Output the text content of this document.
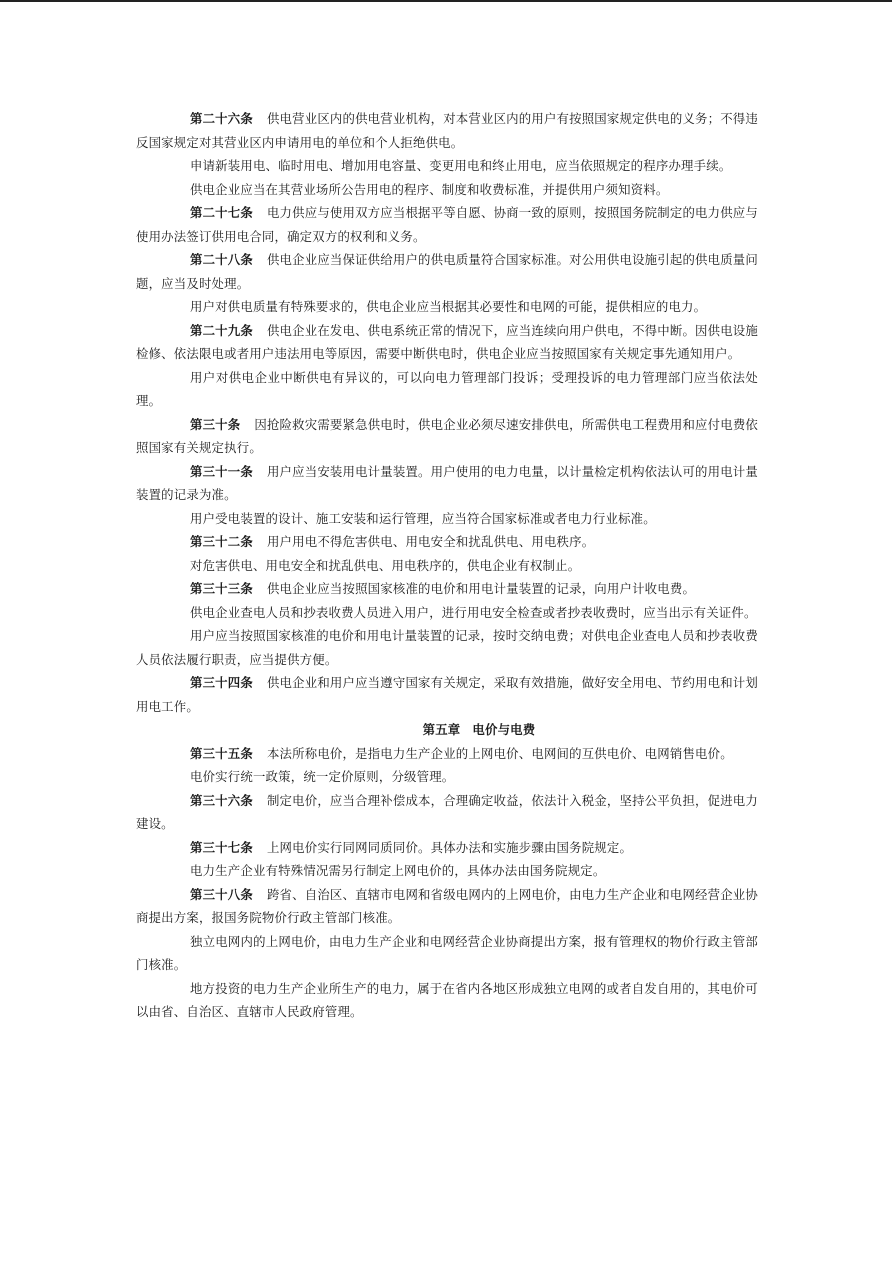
第二十六条 供电营业区内的供电营业机构，对本营业区内的用户有按照国家规定供电的义务；不得违反国家规定对其营业区内申请用电的单位和个人拒绝供电。

申请新装用电、临时用电、增加用电容量、变更用电和终止用电，应当依照规定的程序办理手续。

供电企业应当在其营业场所公告用电的程序、制度和收费标准，并提供用户须知资料。

第二十七条 电力供应与使用双方应当根据平等自愿、协商一致的原则，按照国务院制定的电力供应与使用办法签订供用电合同，确定双方的权利和义务。

第二十八条 供电企业应当保证供给用户的供电质量符合国家标准。对公用供电设施引起的供电质量问题，应当及时处理。

用户对供电质量有特殊要求的，供电企业应当根据其必要性和电网的可能，提供相应的电力。

第二十九条 供电企业在发电、供电系统正常的情况下，应当连续向用户供电，不得中断。因供电设施检修、依法限电或者用户违法用电等原因，需要中断供电时，供电企业应当按照国家有关规定事先通知用户。

用户对供电企业中断供电有异议的，可以向电力管理部门投诉；受理投诉的电力管理部门应当依法处理。

第三十条 因抢险救灾需要紧急供电时，供电企业必须尽速安排供电，所需供电工程费用和应付电费依照国家有关规定执行。

第三十一条 用户应当安装用电计量装置。用户使用的电力电量，以计量检定机构依法认可的用电计量装置的记录为准。

用户受电装置的设计、施工安装和运行管理，应当符合国家标准或者电力行业标准。

第三十二条 用户用电不得危害供电、用电安全和扰乱供电、用电秩序。

对危害供电、用电安全和扰乱供电、用电秩序的，供电企业有权制止。

第三十三条 供电企业应当按照国家核准的电价和用电计量装置的记录，向用户计收电费。

供电企业查电人员和抄表收费人员进入用户，进行用电安全检查或者抄表收费时，应当出示有关证件。

用户应当按照国家核准的电价和用电计量装置的记录，按时交纳电费；对供电企业查电人员和抄表收费人员依法履行职责，应当提供方便。

第三十四条 供电企业和用户应当遵守国家有关规定，采取有效措施，做好安全用电、节约用电和计划用电工作。

第五章 电价与电费

第三十五条 本法所称电价，是指电力生产企业的上网电价、电网间的互供电价、电网销售电价。

电价实行统一政策，统一定价原则，分级管理。

第三十六条 制定电价，应当合理补偿成本，合理确定收益，依法计入税金，坚持公平负担，促进电力建设。

第三十七条 上网电价实行同网同质同价。具体办法和实施步骤由国务院规定。

电力生产企业有特殊情况需另行制定上网电价的，具体办法由国务院规定。

第三十八条 跨省、自治区、直辖市电网和省级电网内的上网电价，由电力生产企业和电网经营企业协商提出方案，报国务院物价行政主管部门核准。

独立电网内的上网电价，由电力生产企业和电网经营企业协商提出方案，报有管理权的物价行政主管部门核准。

地方投资的电力生产企业所生产的电力，属于在省内各地区形成独立电网的或者自发自用的，其电价可以由省、自治区、直辖市人民政府管理。
